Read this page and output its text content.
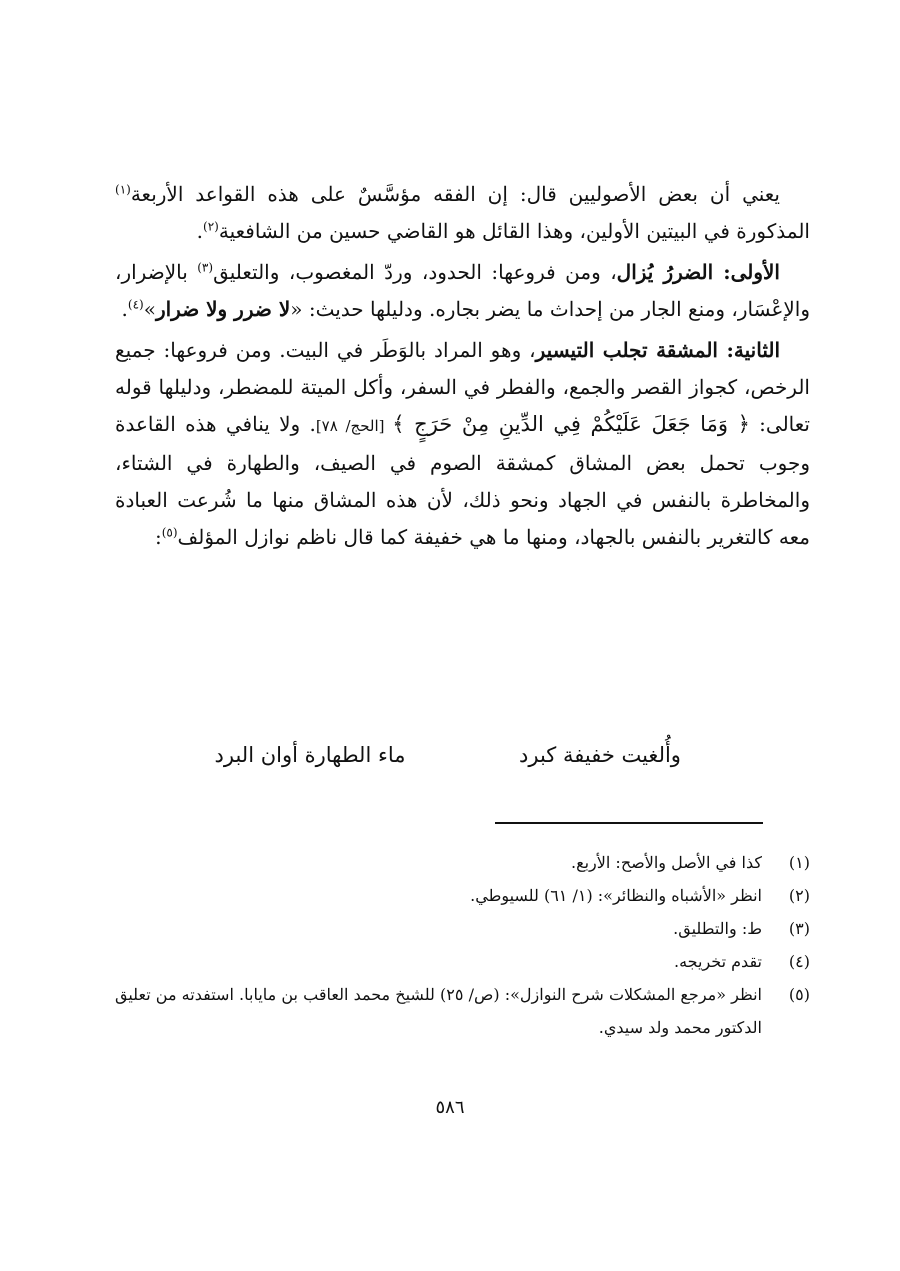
يعني أن بعض الأصوليين قال: إن الفقه مؤسَّسٌ على هذه القواعد الأربعة$^{(١)}$ المذكورة في البيتين الأولين، وهذا القائل هو القاضي حسين من الشافعية$^{(٢)}$.

الأولى: الضررُ يُزال، ومن فروعها: الحدود، وردّ المغصوب، والتعليق$^{(٣)}$ بالإضرار، والإعْسَار، ومنع الجار من إحداث ما يضر بجاره. ودليلها حديث: «لا ضرر ولا ضرار»$^{(٤)}$.

الثانية: المشقة تجلب التيسير، وهو المراد بالوَطَر في البيت. ومن فروعها: جميع الرخص، كجواز القصر والجمع، والفطر في السفر، وأكل الميتة للمضطر، ودليلها قوله تعالى: ﴿ وَمَا جَعَلَ عَلَيْكُمْ فِي الدِّينِ مِنْ حَرَجٍ ﴾ [الحج/ ٧٨]. ولا ينافي هذه القاعدة وجوب تحمل بعض المشاق كمشقة الصوم في الصيف، والطهارة في الشتاء، والمخاطرة بالنفس في الجهاد ونحو ذلك، لأن هذه المشاق منها ما شُرعت العبادة معه كالتغرير بالنفس بالجهاد، ومنها ما هي خفيفة كما قال ناظم نوازل المؤلف$^{(٥)}$:

وأُلغيت خفيفة كبردماء الطهارة أوان البرد
(١)
كذا في الأصل والأصح: الأربع.
(٢)
انظر «الأشباه والنظائر»: (١/ ٦١) للسيوطي.
(٣)
ط: والتطليق.
(٤)
تقدم تخريجه.
(٥)
انظر «مرجع المشكلات شرح النوازل»: (ص/ ٢٥) للشيخ محمد العاقب بن مايابا. استفدته من تعليق الدكتور محمد ولد سيدي.
٥٨٦
